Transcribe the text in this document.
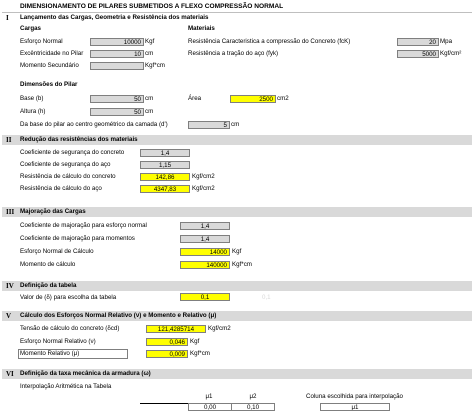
DIMENSIONAMENTO DE PILARES SUBMETIDOS A FLEXO COMPRESSÃO NORMAL
I Lançamento das Cargas, Geometria e Resistência dos materiais
Cargas	Materiais
Esforço Normal	10000 Kgf	Resistência Caracteristica a compressão do Concreto (fcK)	20 Mpa
Excêntricidade no Pilar	10 cm	Resistência a tração do aço (fyk)	5000 Kgf/cm²
Momento Secundário	Kgf*cm
Dimensões do Pilar
Base (b)	50 cm	Área	2500 cm2
Altura (h)	50 cm
Da base do pilar ao centro geométrico da camada (d')	5 cm
II Redução das resistências dos materiais
Coeficiente de segurança do concreto	1,4
Coeficiente de segurança do aço	1,15
Resistência de cálculo do concreto	142,86	Kgf/cm2
Resistência de cálculo do aço	4347,83	Kgf/cm2
III Majoração das Cargas
Coeficiente de majoração para esforço normal	1,4
Coeficiente de majoração para momentos	1,4
Esforço Normal de Cálculo	14000 Kgf
Momento de cálculo	140000 Kgf*cm
IV Definição da tabela
Valor de (δ) para escolha da tabela	0,1	0,1
V Cálculo dos Esforços Normal Relativo (ν) e Momento e Relativo (μ)
Tensão de cálculo do concreto (δcd)	121,4285714	Kgf/cm2
Esforço Normal Relativo (ν)	0,046 Kgf
Momento Relativo (μ)	0,009 Kgf*cm
VI Definição da taxa mecânica da armadura (ω)
Interpolação Aritmética na Tabela
μ1	μ2	Coluna escolhida para interpolação
0,00	0,10	μ1
